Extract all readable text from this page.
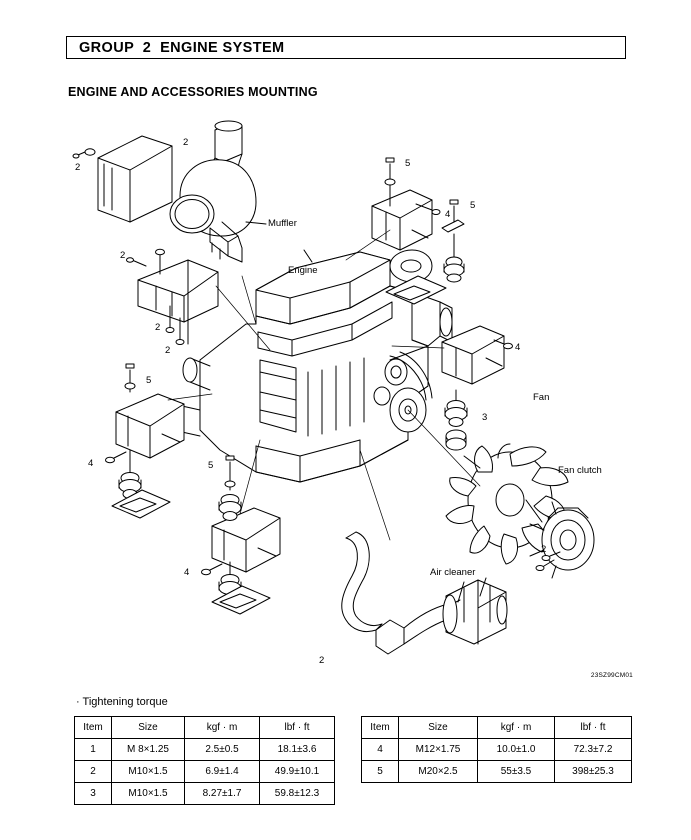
GROUP  2  ENGINE SYSTEM
ENGINE AND ACCESSORIES MOUNTING
Muffler
Engine
Fan
Fan clutch
Air cleaner
2
2
2
2
2
3
2
2
4
4
4
4
5
5
5
5
23SZ99CM01
· Tightening torque
Item	Size	kgf · m	lbf · ft
1	M 8×1.25	2.5±0.5	18.1±3.6
2	M10×1.5	6.9±1.4	49.9±10.1
3	M10×1.5	8.27±1.7	59.8±12.3
Item	Size	kgf · m	lbf · ft
4	M12×1.75	10.0±1.0	72.3±7.2
5	M20×2.5	55±3.5	398±25.3
